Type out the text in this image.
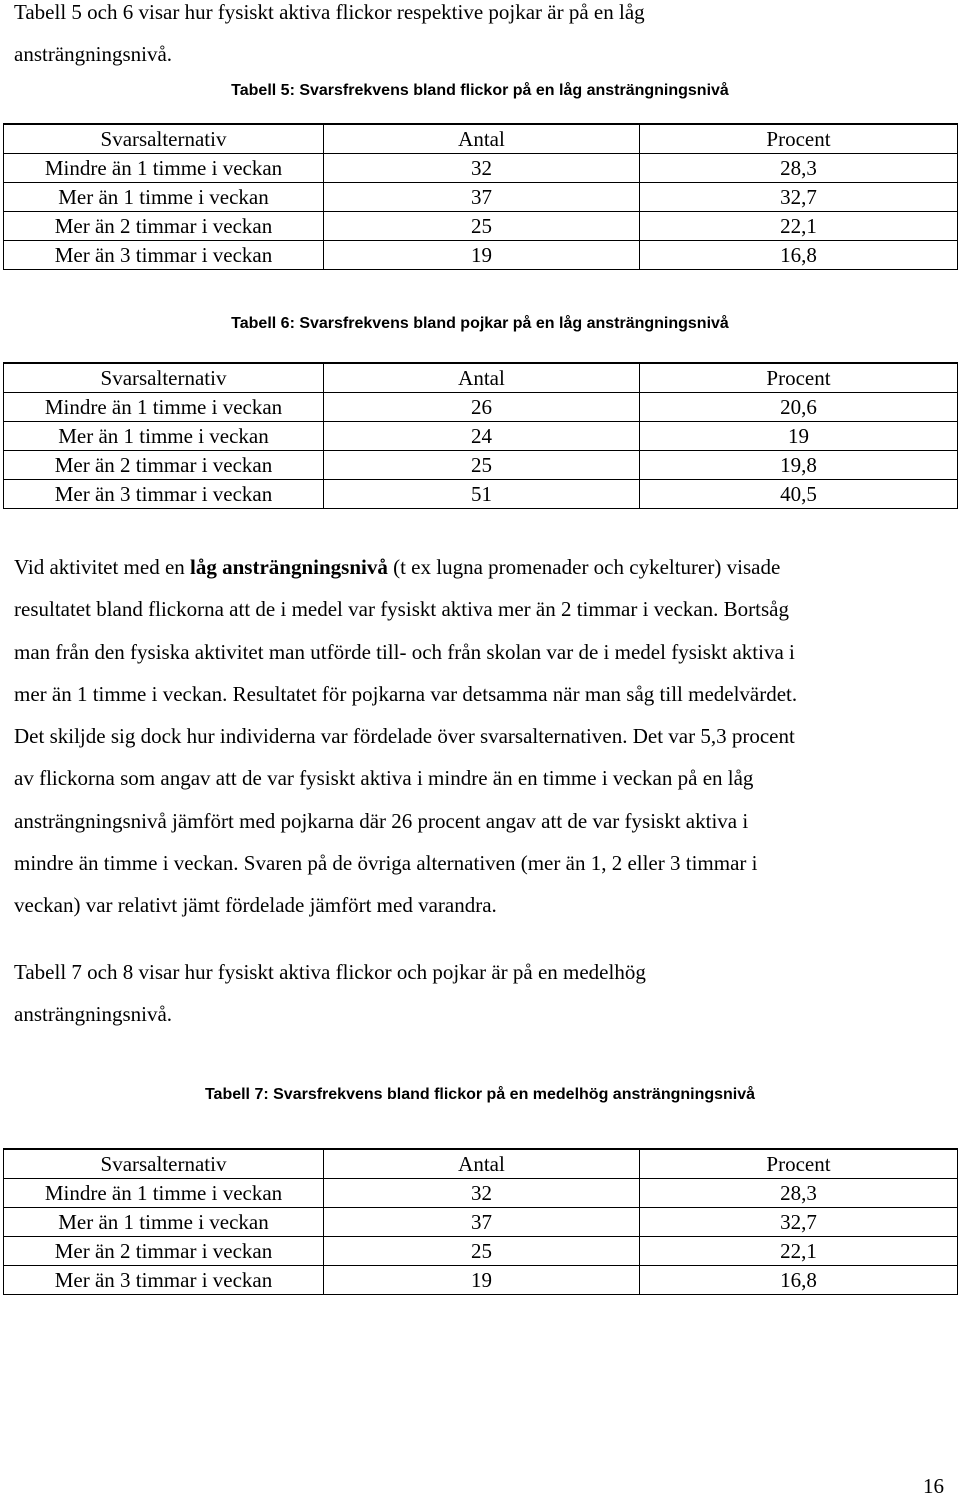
Tabell 5 och 6 visar hur fysiskt aktiva flickor respektive pojkar är på en låg
ansträngningsnivå.
Tabell 5: Svarsfrekvens bland flickor på en låg ansträngningsnivå
Svarsalternativ	Antal	Procent
Mindre än 1 timme i veckan	32	28,3
Mer än 1 timme i veckan	37	32,7
Mer än 2 timmar i veckan	25	22,1
Mer än 3 timmar i veckan	19	16,8
Tabell 6: Svarsfrekvens bland pojkar på en låg ansträngningsnivå
Svarsalternativ	Antal	Procent
Mindre än 1 timme i veckan	26	20,6
Mer än 1 timme i veckan	24	19
Mer än 2 timmar i veckan	25	19,8
Mer än 3 timmar i veckan	51	40,5
Vid aktivitet med en låg ansträngningsnivå (t ex lugna promenader och cykelturer) visade
resultatet bland flickorna att de i medel var fysiskt aktiva mer än 2 timmar i veckan. Bortsåg
man från den fysiska aktivitet man utförde till- och från skolan var de i medel fysiskt aktiva i
mer än 1 timme i veckan. Resultatet för pojkarna var detsamma när man såg till medelvärdet.
Det skiljde sig dock hur individerna var fördelade över svarsalternativen. Det var 5,3 procent
av flickorna som angav att de var fysiskt aktiva i mindre än en timme i veckan på en låg
ansträngningsnivå jämfört med pojkarna där 26 procent angav att de var fysiskt aktiva i
mindre än timme i veckan. Svaren på de övriga alternativen (mer än 1, 2 eller 3 timmar i
veckan) var relativt jämt fördelade jämfört med varandra.
Tabell 7 och 8 visar hur fysiskt aktiva flickor och pojkar är på en medelhög
ansträngningsnivå.
Tabell 7: Svarsfrekvens bland flickor på en medelhög ansträngningsnivå
Svarsalternativ	Antal	Procent
Mindre än 1 timme i veckan	32	28,3
Mer än 1 timme i veckan	37	32,7
Mer än 2 timmar i veckan	25	22,1
Mer än 3 timmar i veckan	19	16,8
16
